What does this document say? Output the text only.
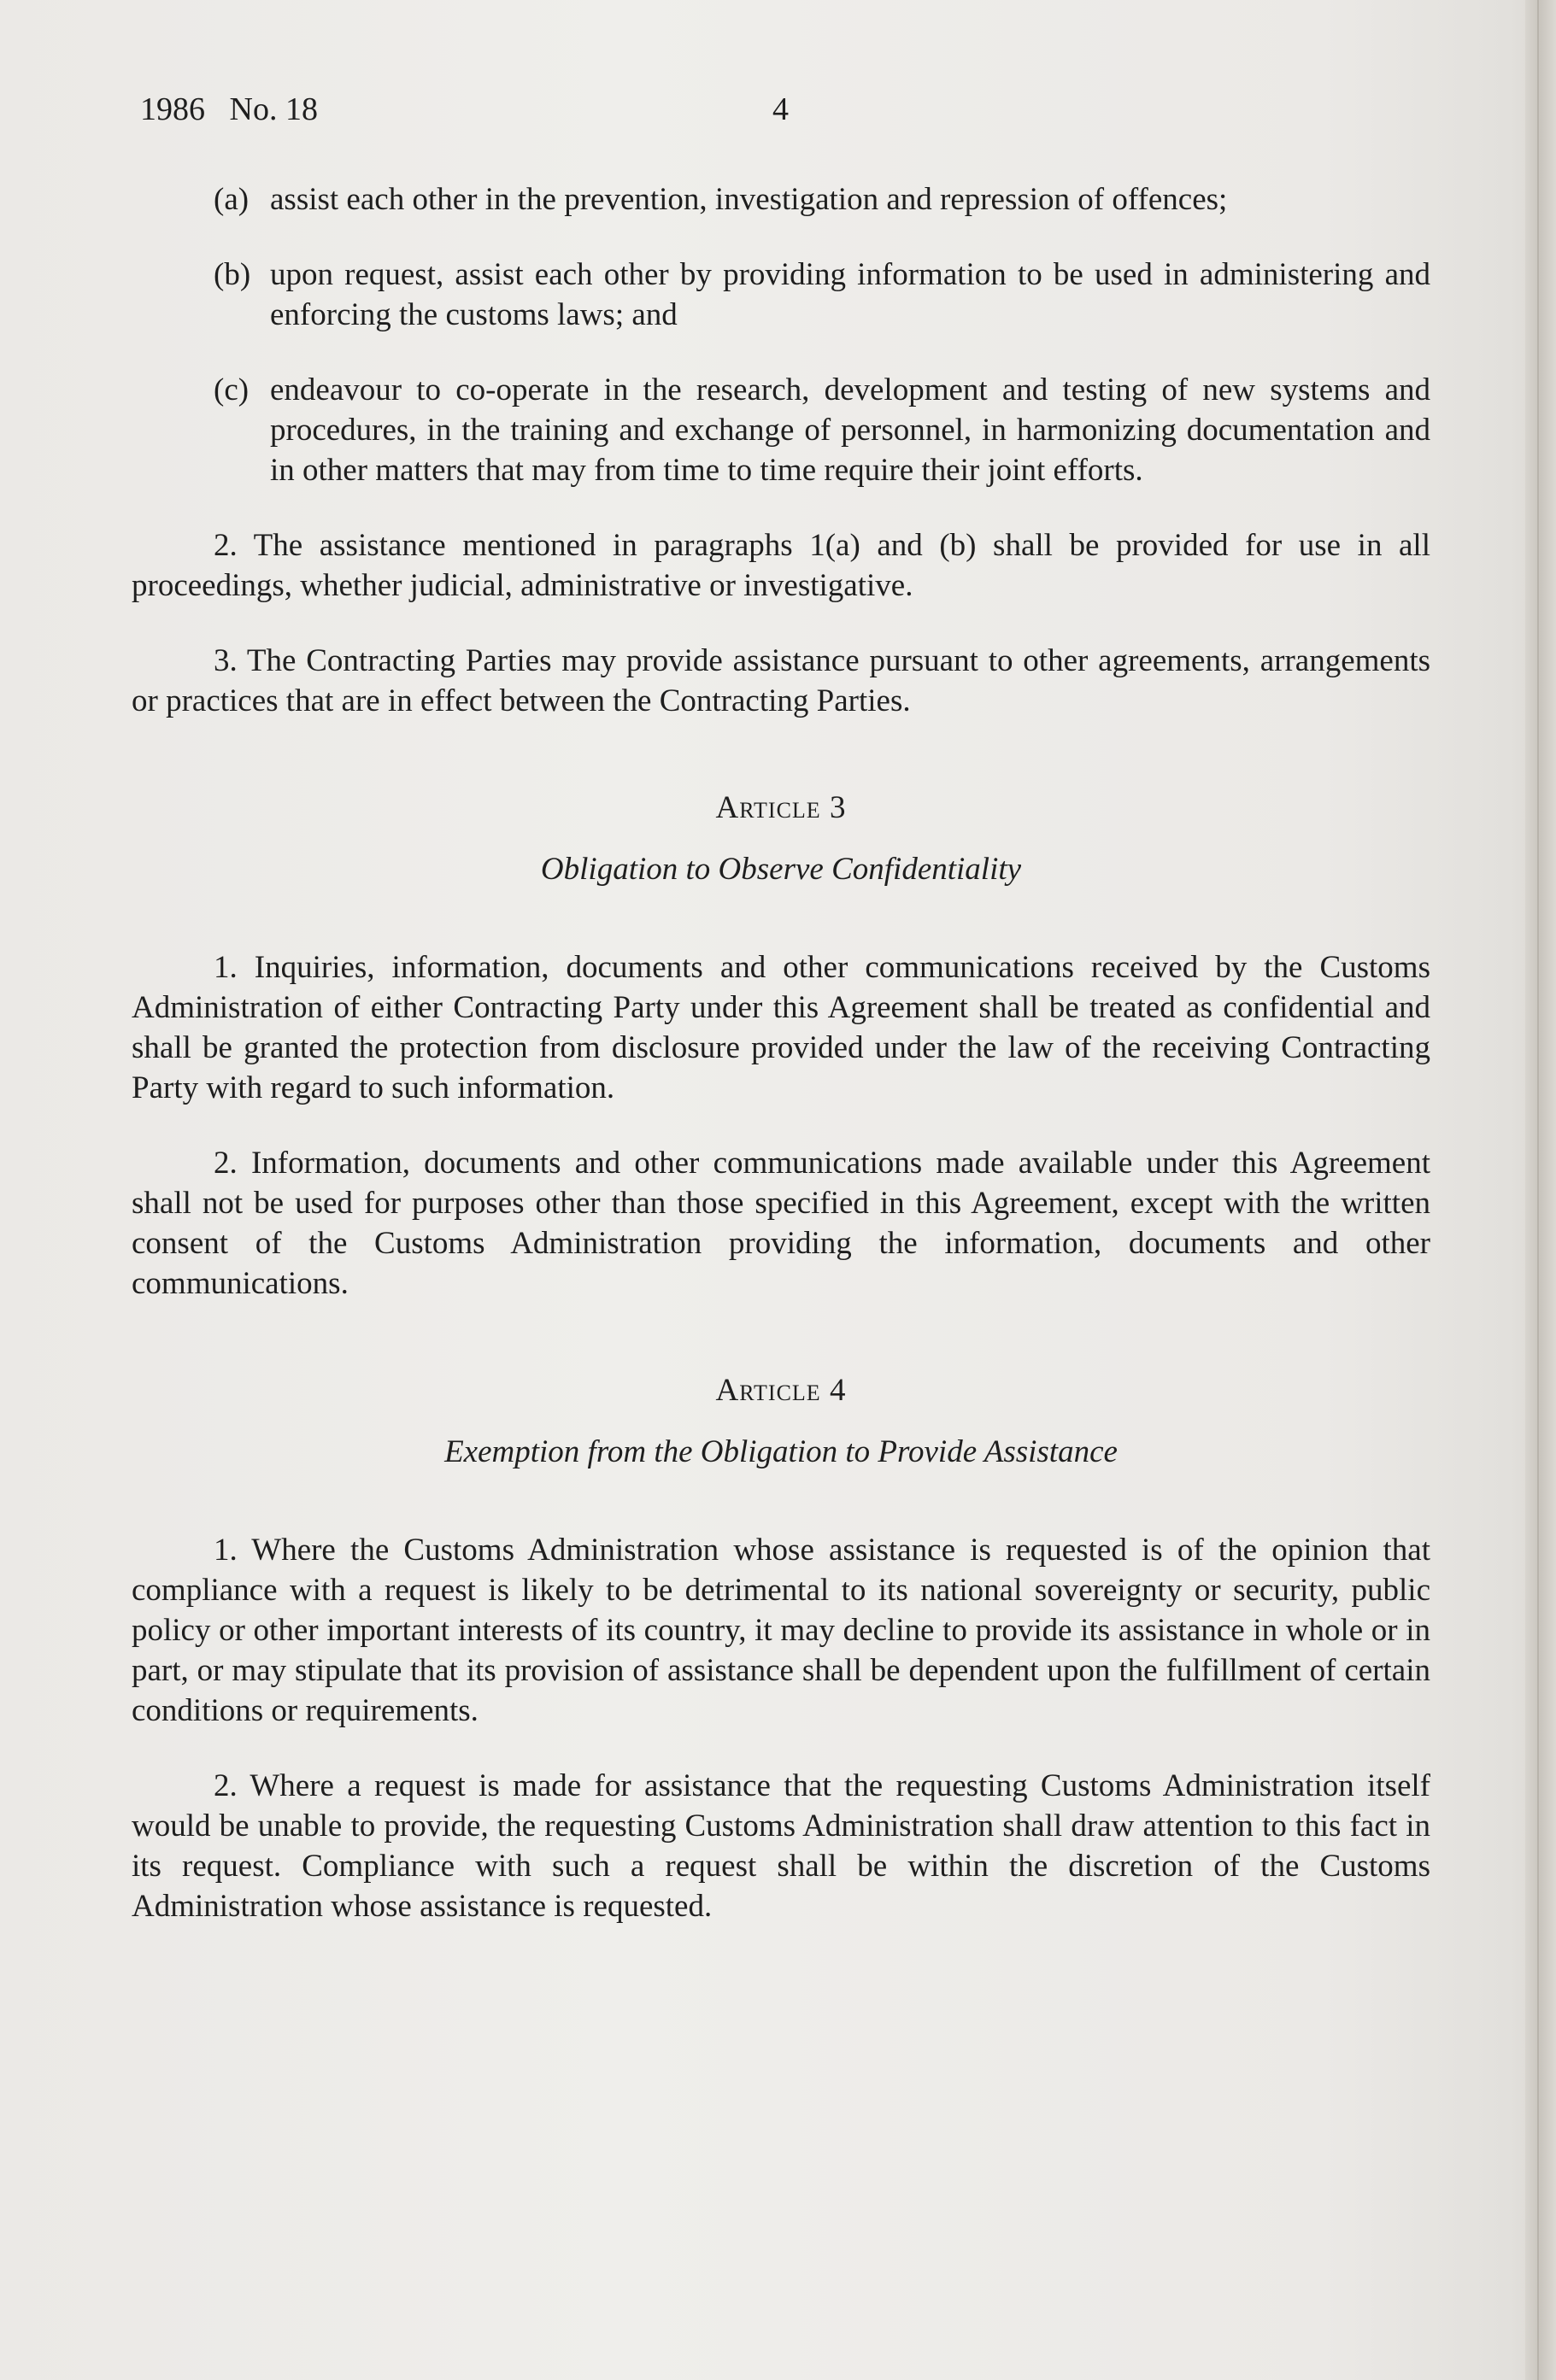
1986   No. 18	4
(a) assist each other in the prevention, investigation and repression of offences;
(b) upon request, assist each other by providing information to be used in administering and enforcing the customs laws; and
(c) endeavour to co-operate in the research, development and testing of new systems and procedures, in the training and exchange of personnel, in harmonizing documentation and in other matters that may from time to time require their joint efforts.

2. The assistance mentioned in paragraphs 1(a) and (b) shall be provided for use in all proceedings, whether judicial, administrative or investigative.

3. The Contracting Parties may provide assistance pursuant to other agreements, arrangements or practices that are in effect between the Contracting Parties.

Article 3
Obligation to Observe Confidentiality

1. Inquiries, information, documents and other communications received by the Customs Administration of either Contracting Party under this Agreement shall be treated as confidential and shall be granted the protection from disclosure provided under the law of the receiving Contracting Party with regard to such information.

2. Information, documents and other communications made available under this Agreement shall not be used for purposes other than those specified in this Agreement, except with the written consent of the Customs Administration providing the information, documents and other communications.

Article 4
Exemption from the Obligation to Provide Assistance

1. Where the Customs Administration whose assistance is requested is of the opinion that compliance with a request is likely to be detrimental to its national sovereignty or security, public policy or other important interests of its country, it may decline to provide its assistance in whole or in part, or may stipulate that its provision of assistance shall be dependent upon the fulfillment of certain conditions or requirements.

2. Where a request is made for assistance that the requesting Customs Administration itself would be unable to provide, the requesting Customs Administration shall draw attention to this fact in its request. Compliance with such a request shall be within the discretion of the Customs Administration whose assistance is requested.
